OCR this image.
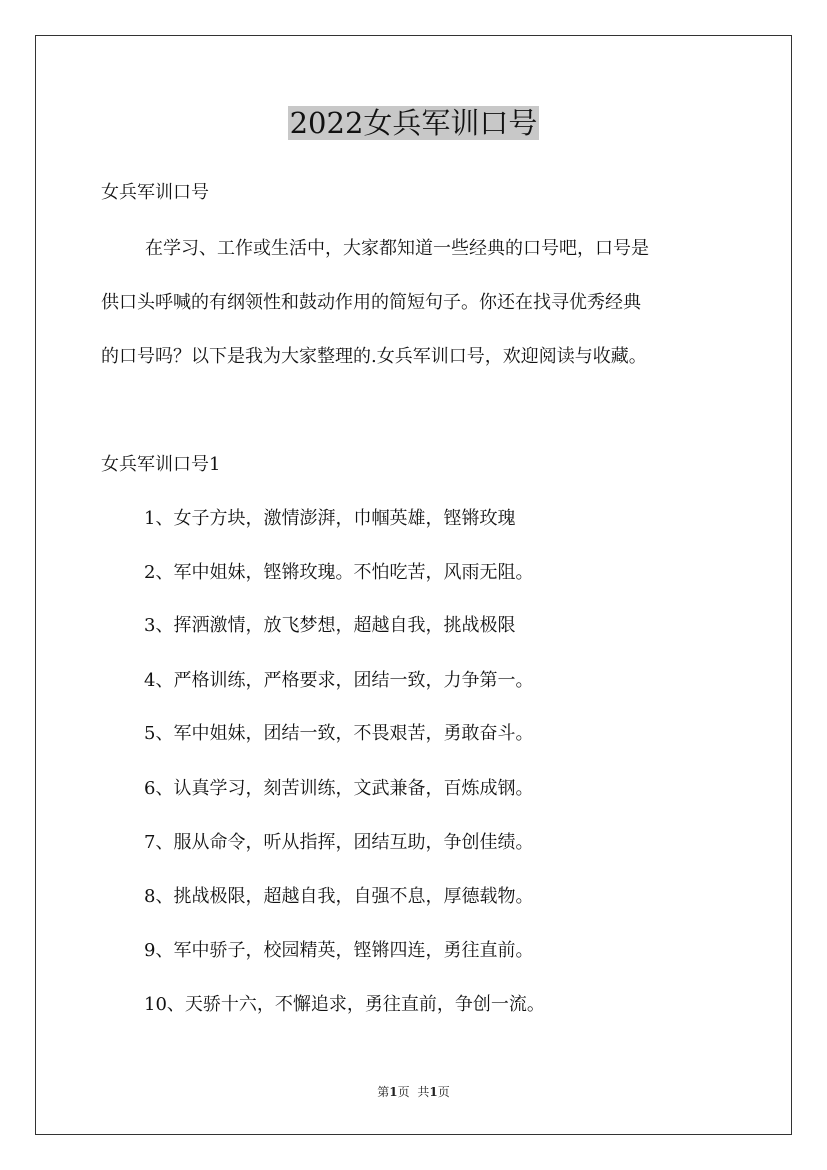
2022女兵军训口号
女兵军训口号
在学习、工作或生活中，大家都知道一些经典的口号吧，口号是
供口头呼喊的有纲领性和鼓动作用的简短句子。你还在找寻优秀经典
的口号吗？以下是我为大家整理的.女兵军训口号，欢迎阅读与收藏。
女兵军训口号1
1、女子方块，激情澎湃，巾帼英雄，铿锵玫瑰
2、军中姐妹，铿锵玫瑰。不怕吃苦，风雨无阻。
3、挥洒激情，放飞梦想，超越自我，挑战极限
4、严格训练，严格要求，团结一致，力争第一。
5、军中姐妹，团结一致，不畏艰苦，勇敢奋斗。
6、认真学习，刻苦训练，文武兼备，百炼成钢。
7、服从命令，听从指挥，团结互助，争创佳绩。
8、挑战极限，超越自我，自强不息，厚德载物。
9、军中骄子，校园精英，铿锵四连，勇往直前。
10、天骄十六，不懈追求，勇往直前，争创一流。
第1页 共1页
